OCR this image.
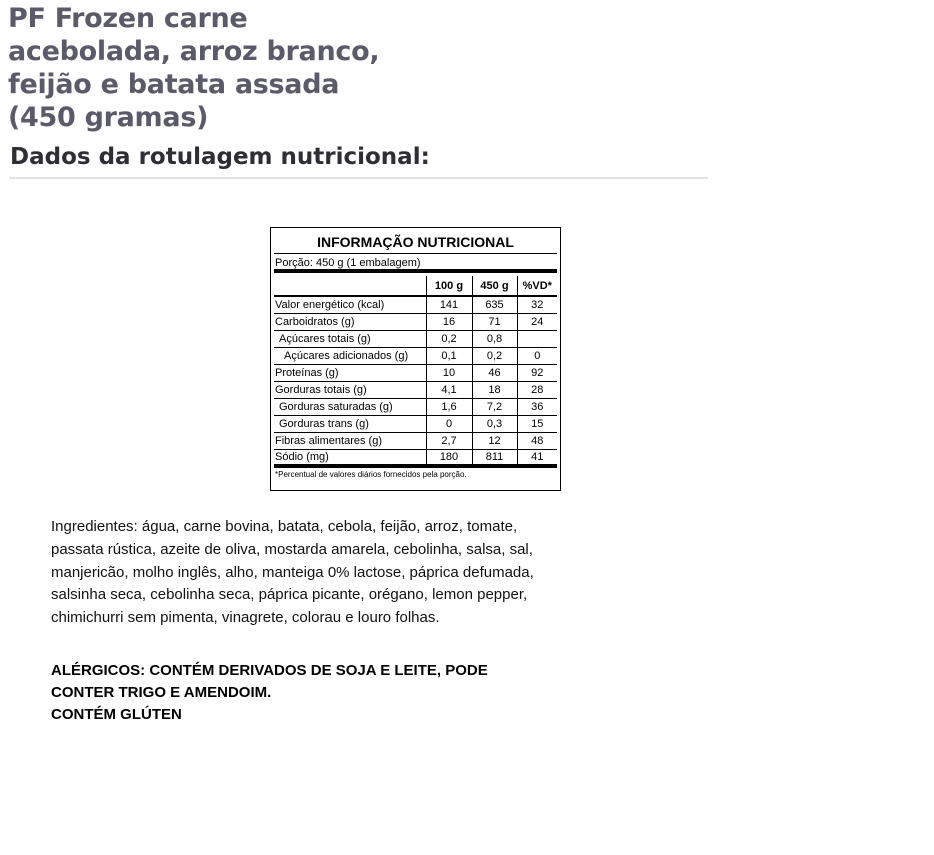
PF Frozen carne acebolada, arroz branco, feijão e batata assada (450 gramas)
Dados da rotulagem nutricional:
INFORMAÇÃO NUTRICIONAL
Porção: 450 g (1 embalagem)
	100 g	450 g	%VD*
Valor energético (kcal)	141	635	32
Carboidratos (g)	16	71	24
Açúcares totais (g)	0,2	0,8	
Açúcares adicionados (g)	0,1	0,2	0
Proteínas (g)	10	46	92
Gorduras totais (g)	4,1	18	28
Gorduras saturadas (g)	1,6	7,2	36
Gorduras trans (g)	0	0,3	15
Fibras alimentares (g)	2,7	12	48
Sódio (mg)	180	811	41
*Percentual de valores diários fornecidos pela porção.

Ingredientes: água, carne bovina, batata, cebola, feijão, arroz, tomate, passata rústica, azeite de oliva, mostarda amarela, cebolinha, salsa, sal, manjericão, molho inglês, alho, manteiga 0% lactose, páprica defumada, salsinha seca, cebolinha seca, páprica picante, orégano, lemon pepper, chimichurri sem pimenta, vinagrete, colorau e louro folhas.

ALÉRGICOS: CONTÉM DERIVADOS DE SOJA E LEITE, PODE CONTER TRIGO E AMENDOIM.
CONTÉM GLÚTEN
